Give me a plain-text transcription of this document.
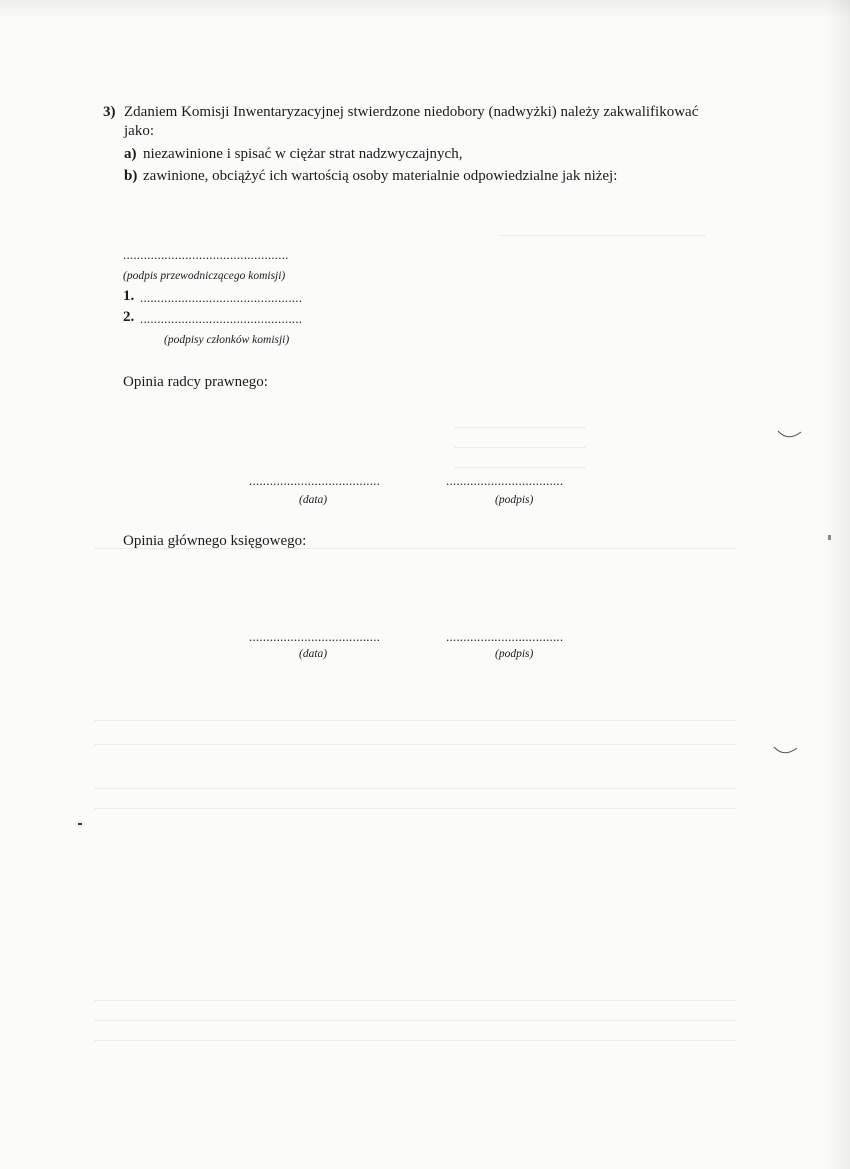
3) Zdaniem Komisji Inwentaryzacyjnej stwierdzone niedobory (nadwyżki) należy zakwalifikować
jako:
a) niezawinione i spisać w ciężar strat nadzwyczajnych,
b) zawinione, obciążyć ich wartością osoby materialnie odpowiedzialne jak niżej:
................................................
(podpis przewodniczącego komisji)
1. ...............................................
2. ...............................................
(podpisy członków komisji)
Opinia radcy prawnego:
......................................	..................................
(data)	(podpis)
Opinia głównego księgowego:
......................................	..................................
(data)	(podpis)
